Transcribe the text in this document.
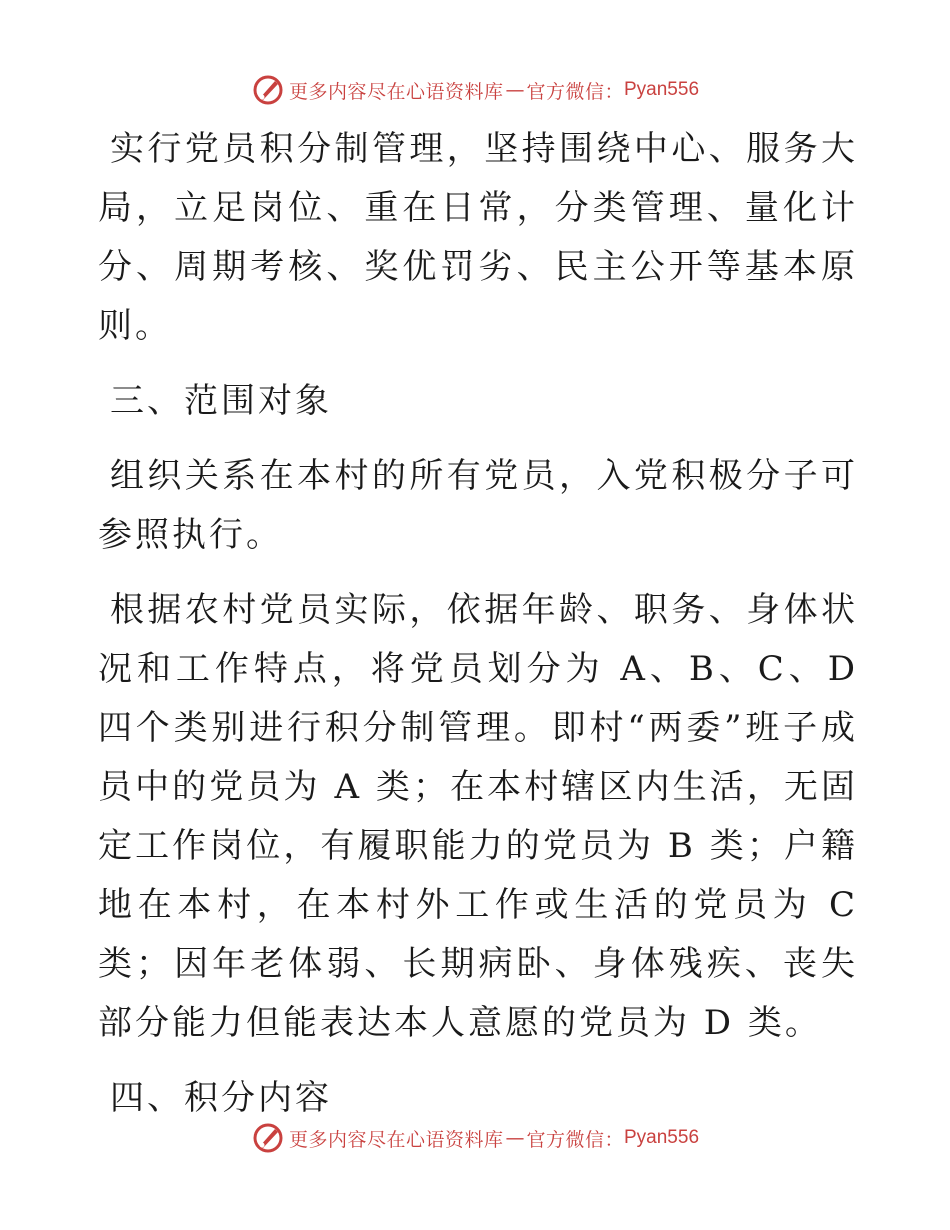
更多内容尽在心语资料库 — 官方微信： Pyan556

实行党员积分制管理，坚持围绕中心、服务大局，立足岗位、重在日常，分类管理、量化计分、周期考核、奖优罚劣、民主公开等基本原则。

三、范围对象

组织关系在本村的所有党员，入党积极分子可参照执行。

根据农村党员实际，依据年龄、职务、身体状况和工作特点，将党员划分为 A、B、C、D 四个类别进行积分制管理。即村“两委”班子成员中的党员为 A 类；在本村辖区内生活，无固定工作岗位，有履职能力的党员为 B 类；户籍地在本村，在本村外工作或生活的党员为 C 类；因年老体弱、长期病卧、身体残疾、丧失部分能力但能表达本人意愿的党员为 D 类。

四、积分内容

更多内容尽在心语资料库 — 官方微信： Pyan556
